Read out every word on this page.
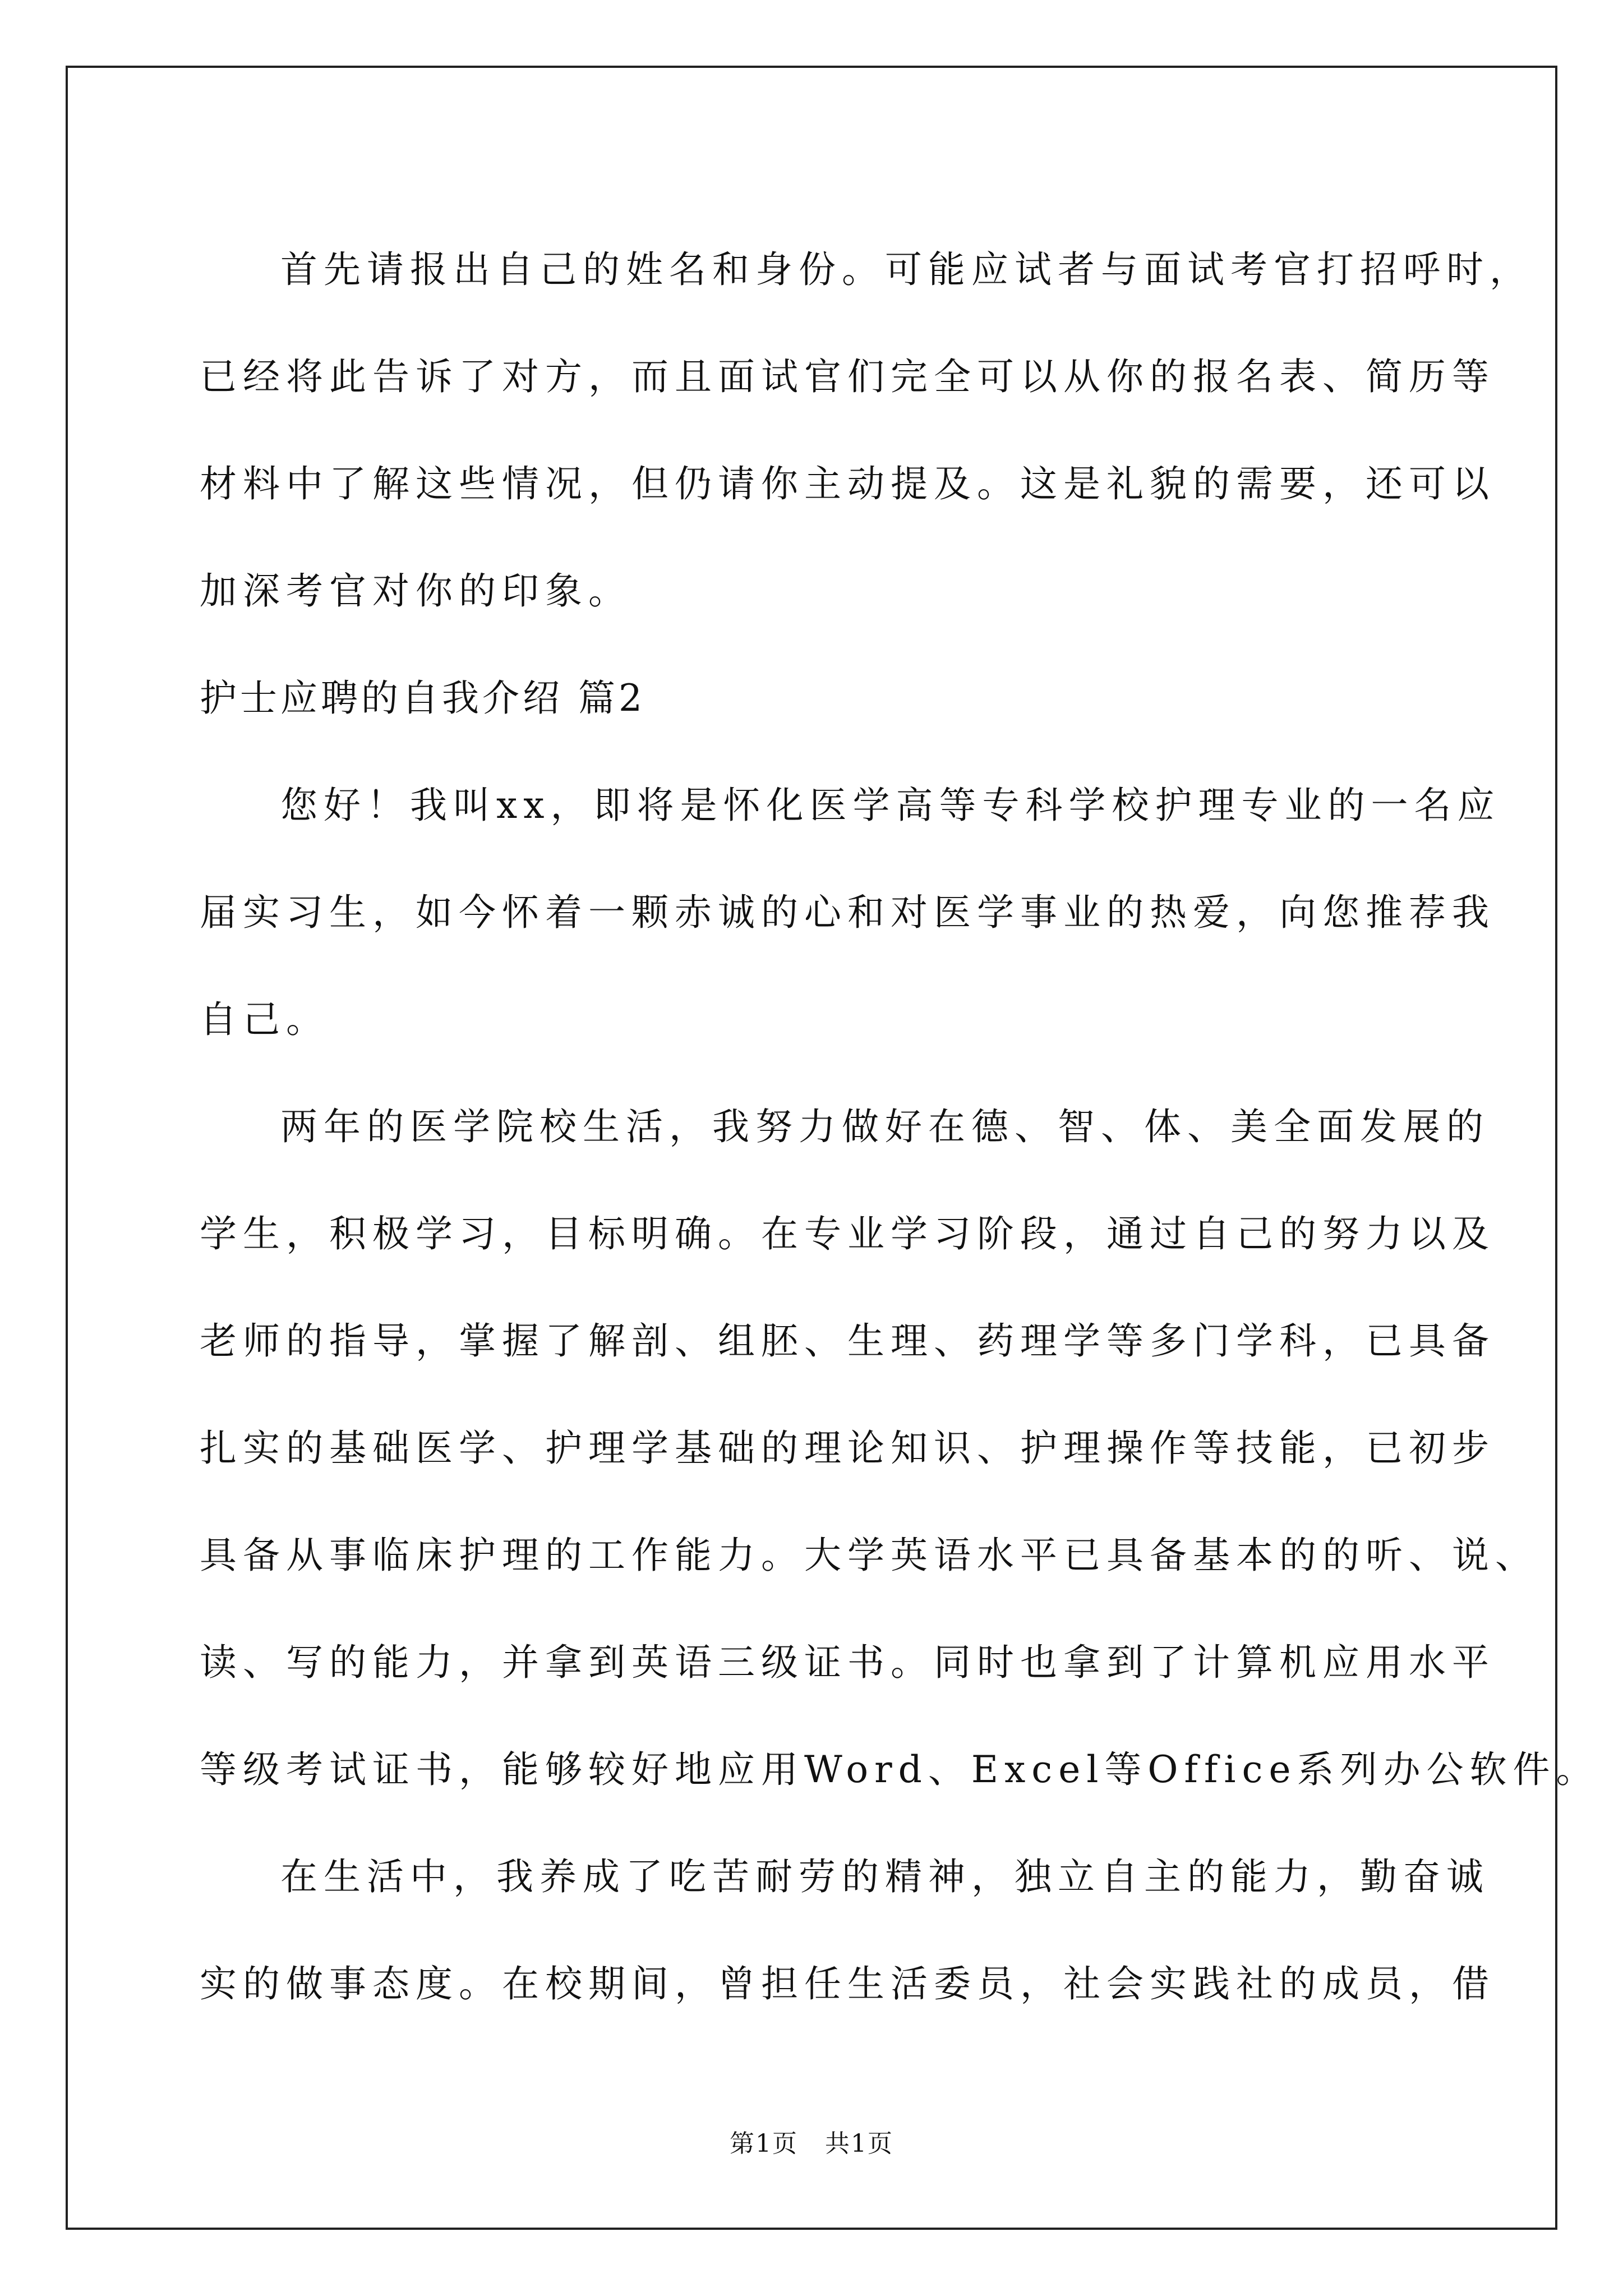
首先请报出自己的姓名和身份。可能应试者与面试考官打招呼时，
已经将此告诉了对方，而且面试官们完全可以从你的报名表、简历等
材料中了解这些情况，但仍请你主动提及。这是礼貌的需要，还可以
加深考官对你的印象。
护士应聘的自我介绍 篇2
您好！我叫xx，即将是怀化医学高等专科学校护理专业的一名应
届实习生，如今怀着一颗赤诚的心和对医学事业的热爱，向您推荐我
自己。
两年的医学院校生活，我努力做好在德、智、体、美全面发展的
学生，积极学习，目标明确。在专业学习阶段，通过自己的努力以及
老师的指导，掌握了解剖、组胚、生理、药理学等多门学科，已具备
扎实的基础医学、护理学基础的理论知识、护理操作等技能，已初步
具备从事临床护理的工作能力。大学英语水平已具备基本的的听、说、
读、写的能力，并拿到英语三级证书。同时也拿到了计算机应用水平
等级考试证书，能够较好地应用Word、Excel等Office系列办公软件。
在生活中，我养成了吃苦耐劳的精神，独立自主的能力，勤奋诚
实的做事态度。在校期间，曾担任生活委员，社会实践社的成员，借
第1页 共1页
